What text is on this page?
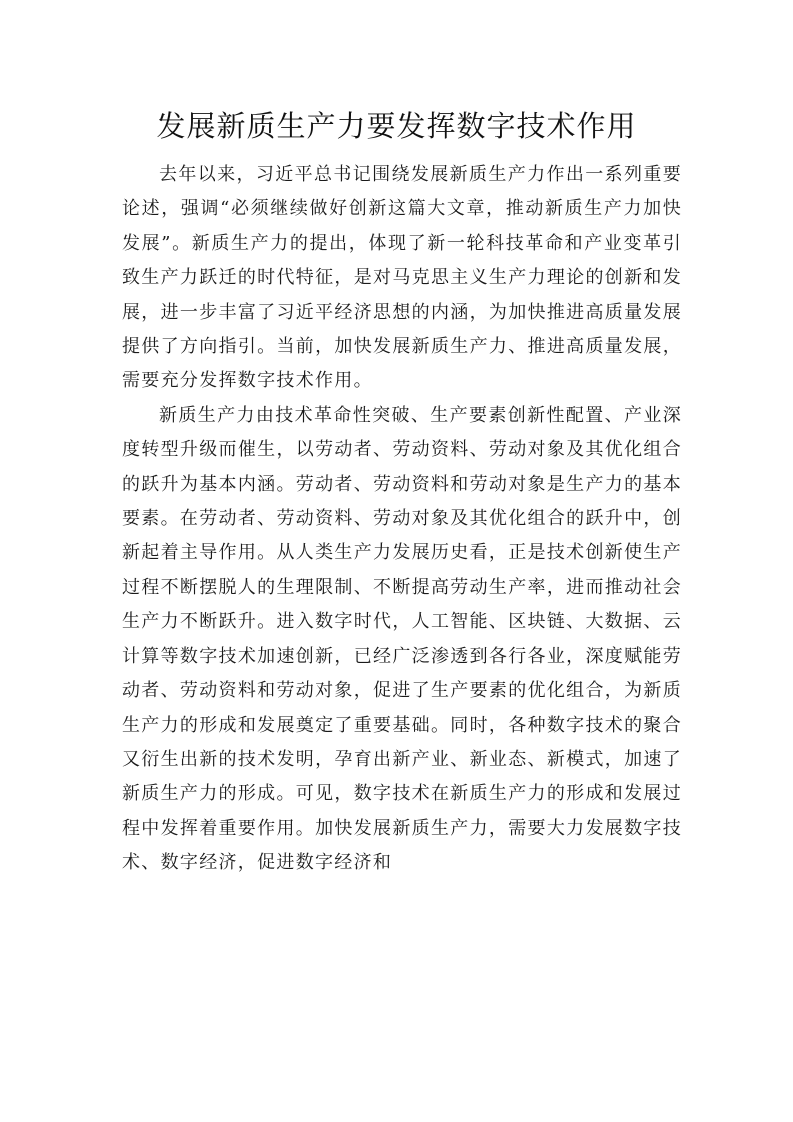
发展新质生产力要发挥数字技术作用

去年以来，习近平总书记围绕发展新质生产力作出一系列重要论述，强调“必须继续做好创新这篇大文章，推动新质生产力加快发展”。新质生产力的提出，体现了新一轮科技革命和产业变革引致生产力跃迁的时代特征，是对马克思主义生产力理论的创新和发展，进一步丰富了习近平经济思想的内涵，为加快推进高质量发展提供了方向指引。当前，加快发展新质生产力、推进高质量发展，需要充分发挥数字技术作用。

新质生产力由技术革命性突破、生产要素创新性配置、产业深度转型升级而催生，以劳动者、劳动资料、劳动对象及其优化组合的跃升为基本内涵。劳动者、劳动资料和劳动对象是生产力的基本要素。在劳动者、劳动资料、劳动对象及其优化组合的跃升中，创新起着主导作用。从人类生产力发展历史看，正是技术创新使生产过程不断摆脱人的生理限制、不断提高劳动生产率，进而推动社会生产力不断跃升。进入数字时代，人工智能、区块链、大数据、云计算等数字技术加速创新，已经广泛渗透到各行各业，深度赋能劳动者、劳动资料和劳动对象，促进了生产要素的优化组合，为新质生产力的形成和发展奠定了重要基础。同时，各种数字技术的聚合又衍生出新的技术发明，孕育出新产业、新业态、新模式，加速了新质生产力的形成。可见，数字技术在新质生产力的形成和发展过程中发挥着重要作用。加快发展新质生产力，需要大力发展数字技术、数字经济，促进数字经济和
